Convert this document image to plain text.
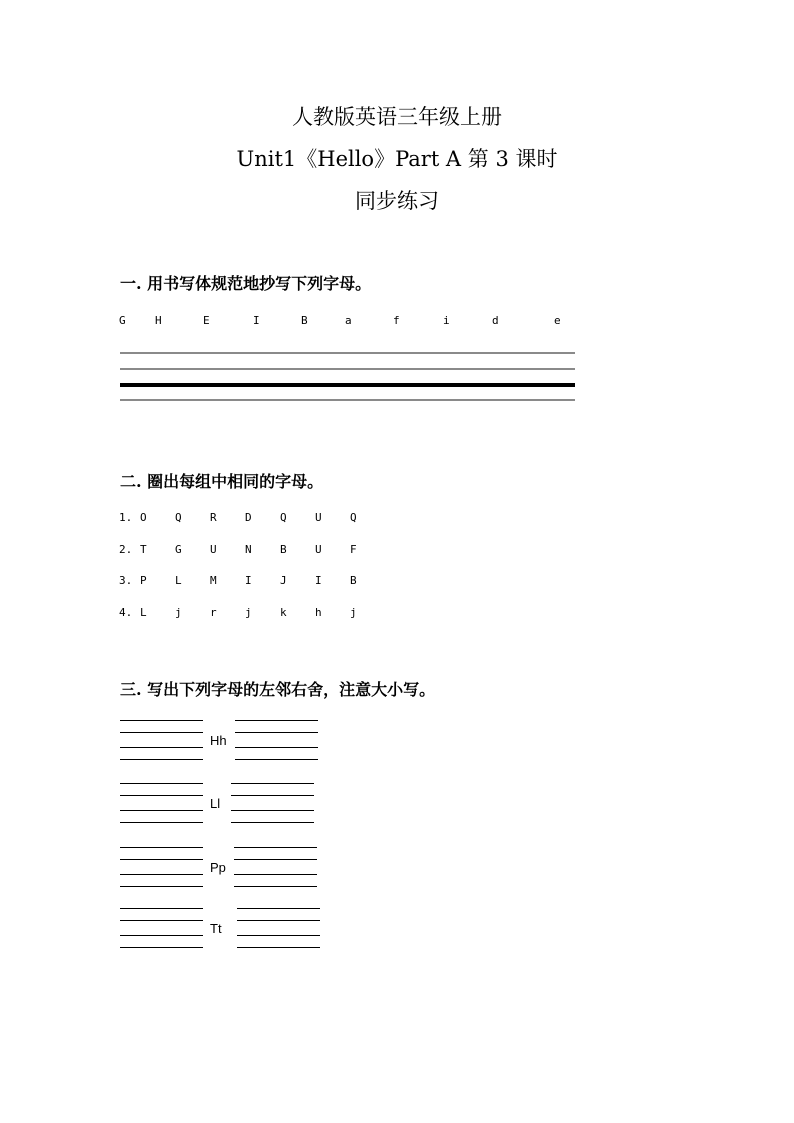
人教版英语三年级上册
Unit1《Hello》Part A 第 3 课时
同步练习
一. 用书写体规范地抄写下列字母。
G	H	E	I	B	a	f	i	d	e
二. 圈出每组中相同的字母。
1. O	Q	R	D	Q	U	Q
2. T	G	U	N	B	U	F
3. P	L	M	I	J	I	B
4. L	j	r	j	k	h	j
三. 写出下列字母的左邻右舍，注意大小写。
Hh
Ll
Pp
Tt
